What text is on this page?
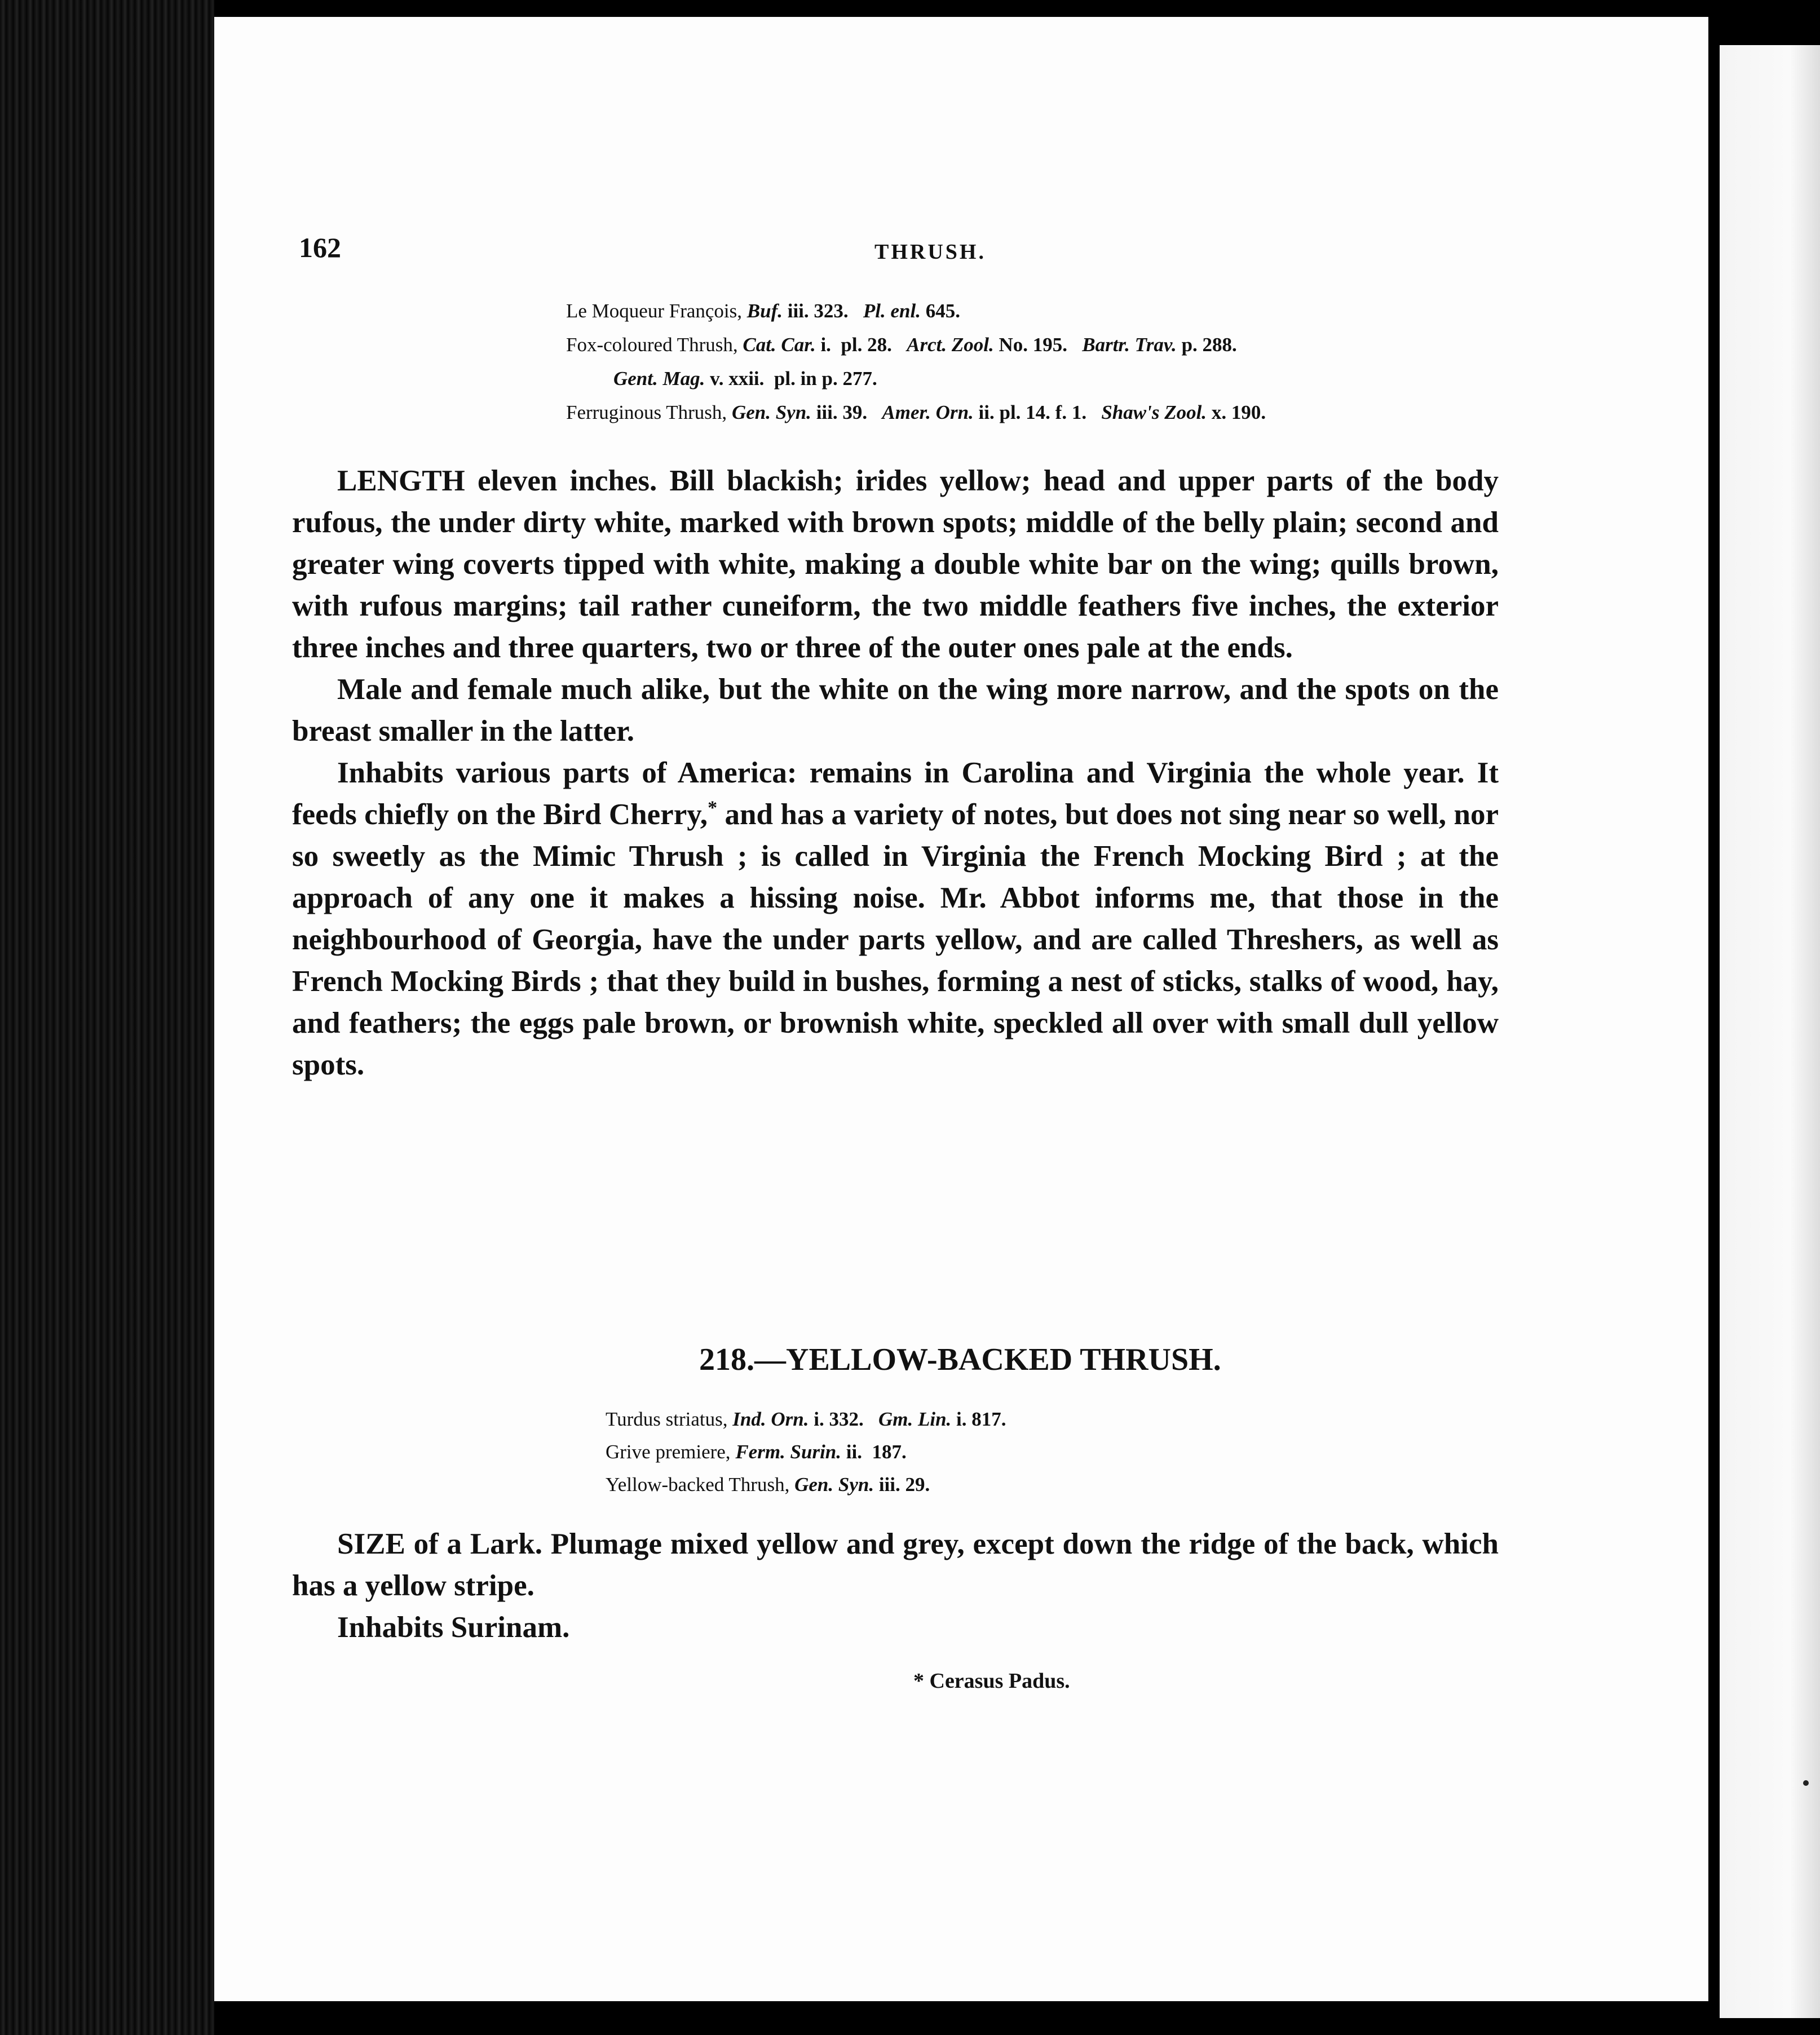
162	THRUSH.
Le Moqueur François, Buf. iii. 323.   Pl. enl. 645.
Fox-coloured Thrush, Cat. Car. i.  pl. 28.   Arct. Zool. No. 195.   Bartr. Trav. p. 288.
Gent. Mag. v. xxii.  pl. in p. 277.
Ferruginous Thrush, Gen. Syn. iii. 39.   Amer. Orn. ii. pl. 14. f. 1.   Shaw's Zool. x. 190.

LENGTH eleven inches. Bill blackish; irides yellow; head and upper parts of the body rufous, the under dirty white, marked with brown spots; middle of the belly plain; second and greater wing coverts tipped with white, making a double white bar on the wing; quills brown, with rufous margins; tail rather cuneiform, the two middle feathers five inches, the exterior three inches and three quarters, two or three of the outer ones pale at the ends.

Male and female much alike, but the white on the wing more narrow, and the spots on the breast smaller in the latter.

Inhabits various parts of America: remains in Carolina and Virginia the whole year. It feeds chiefly on the Bird Cherry,* and has a variety of notes, but does not sing near so well, nor so sweetly as the Mimic Thrush ; is called in Virginia the French Mocking Bird ; at the approach of any one it makes a hissing noise. Mr. Abbot informs me, that those in the neighbourhood of Georgia, have the under parts yellow, and are called Threshers, as well as French Mocking Birds ; that they build in bushes, forming a nest of sticks, stalks of wood, hay, and feathers; the eggs pale brown, or brownish white, speckled all over with small dull yellow spots.

218.—YELLOW-BACKED THRUSH.
Turdus striatus, Ind. Orn. i. 332.   Gm. Lin. i. 817.
Grive premiere, Ferm. Surin. ii.  187.
Yellow-backed Thrush, Gen. Syn. iii. 29.

SIZE of a Lark. Plumage mixed yellow and grey, except down the ridge of the back, which has a yellow stripe.

Inhabits Surinam.

* Cerasus Padus.
